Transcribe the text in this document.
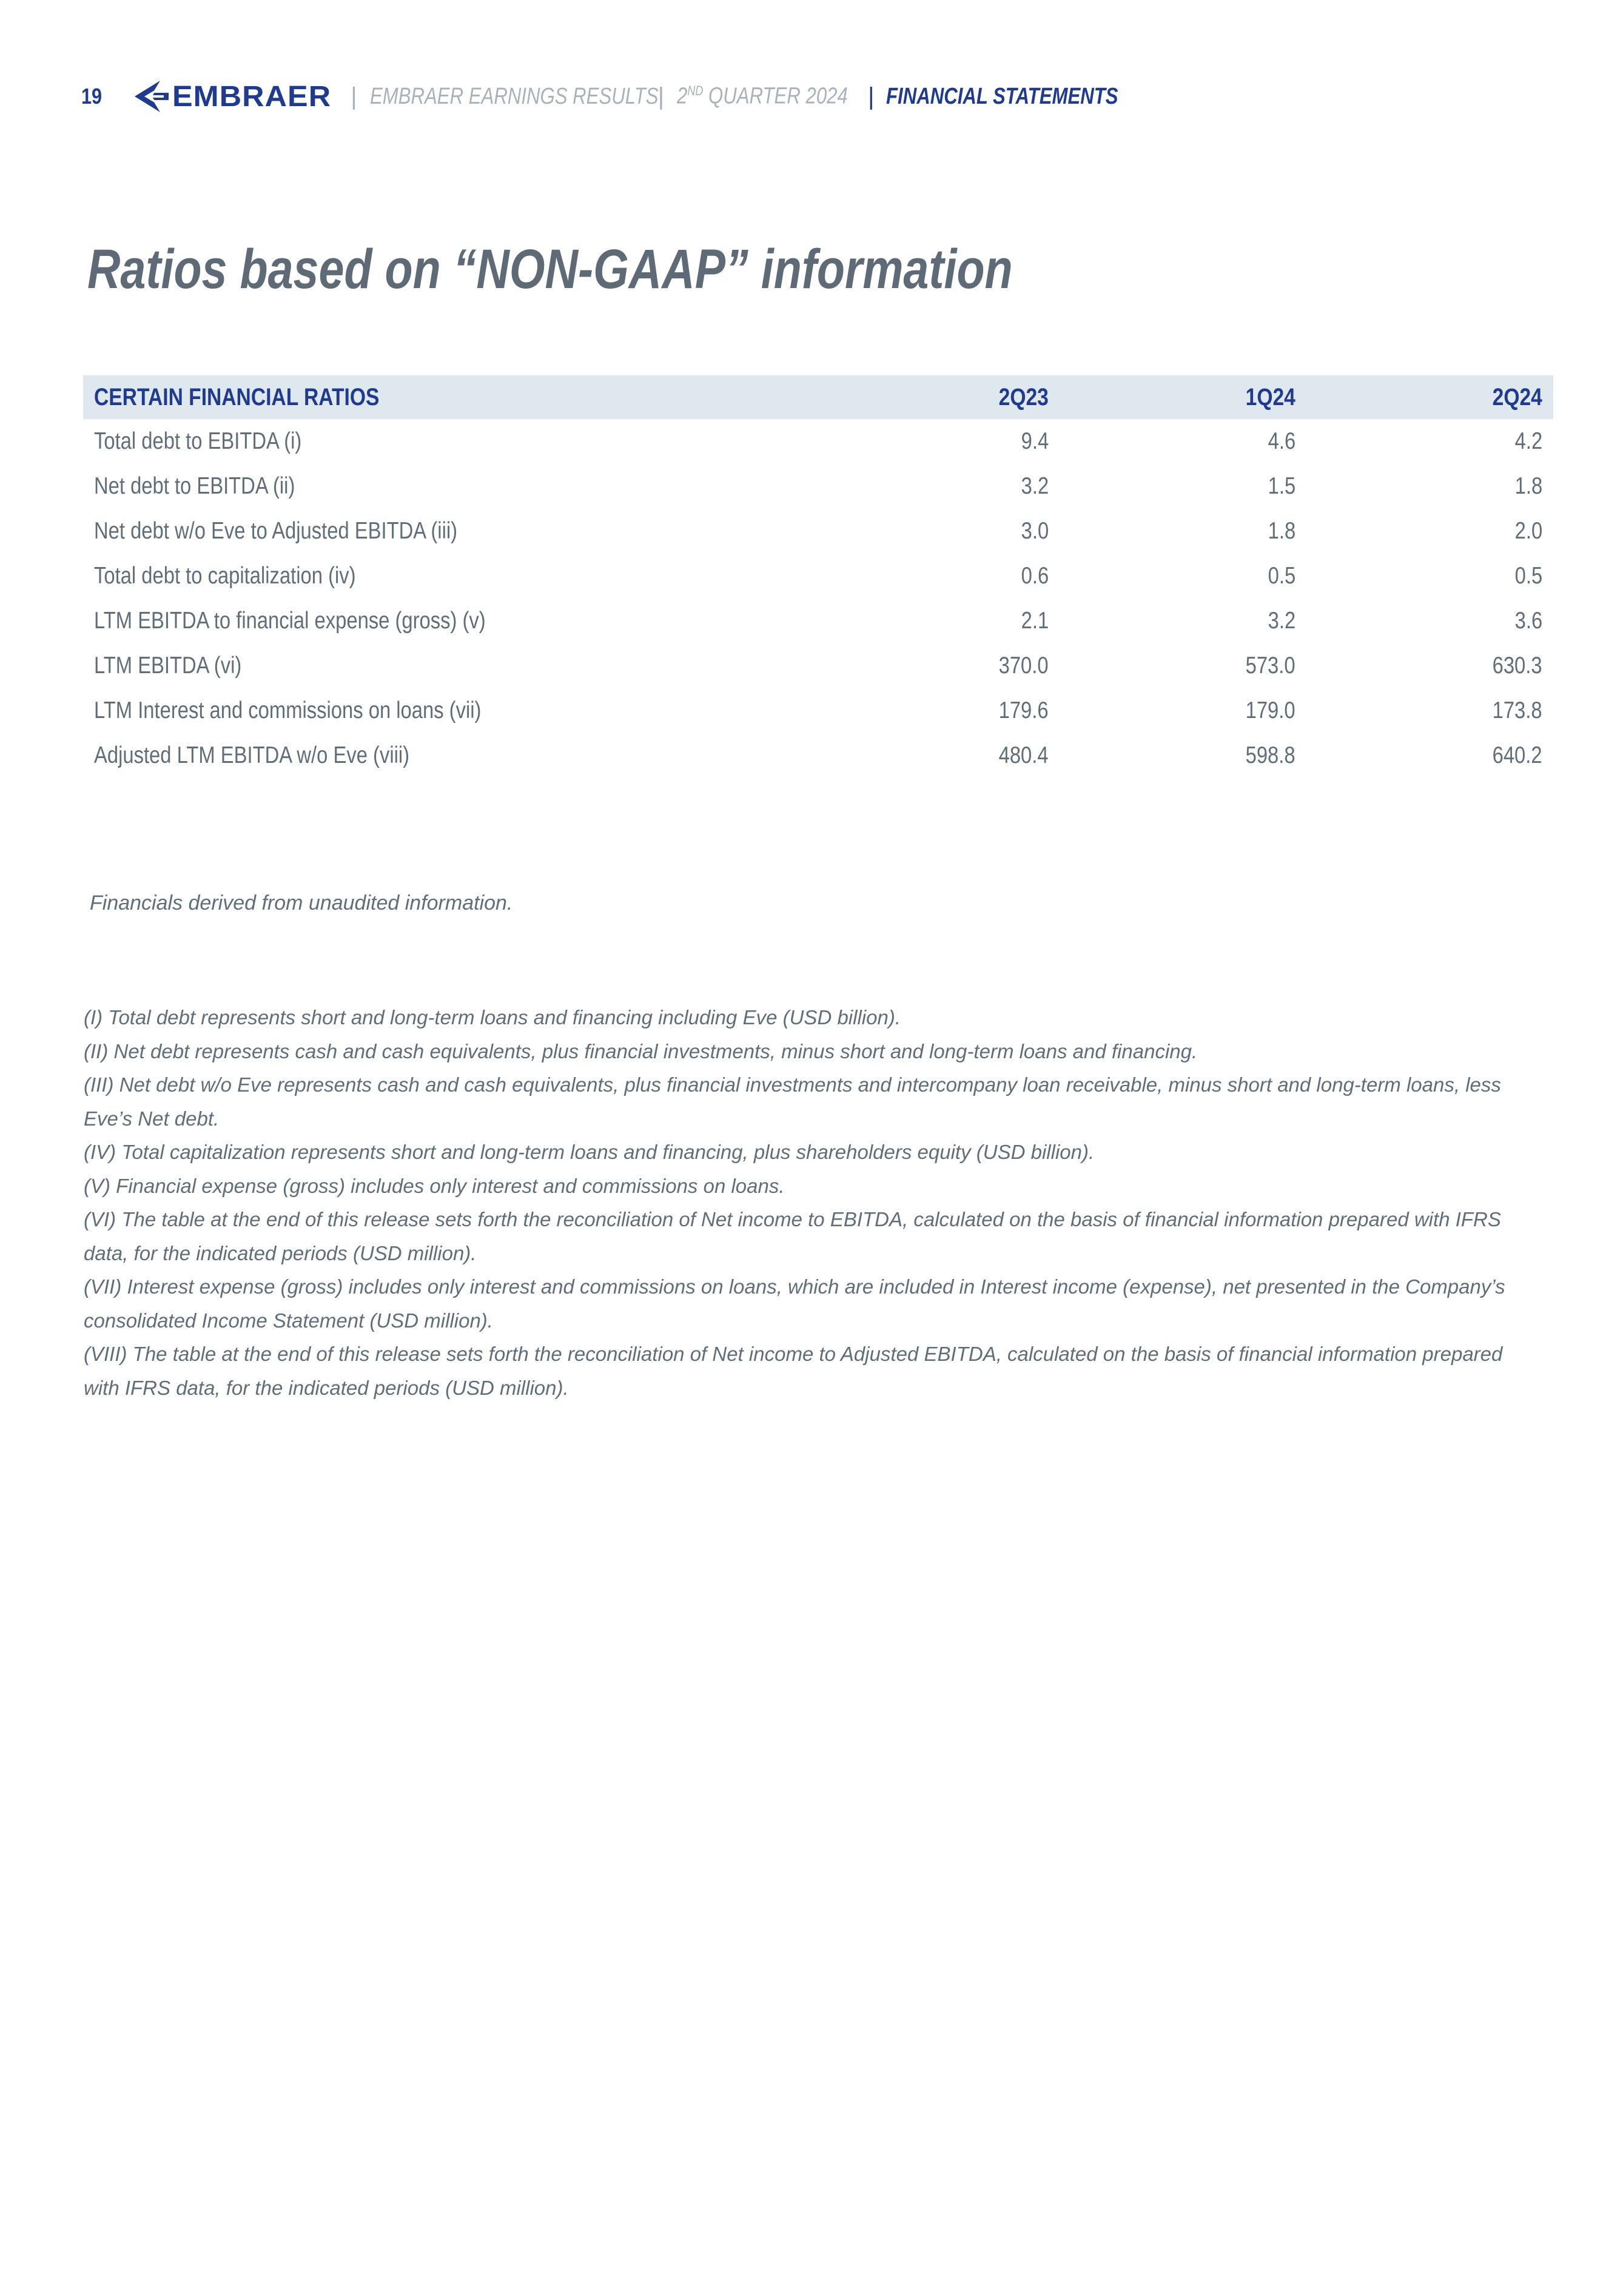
19	EMBRAER | EMBRAER EARNINGS RESULTS
| 2ND QUARTER 2024 | FINANCIAL STATEMENTS
Ratios based on “NON-GAAP” information
CERTAIN FINANCIAL RATIOS	2Q23	1Q24	2Q24
Total debt to EBITDA (i)	9.4	4.6	4.2
Net debt to EBITDA (ii)	3.2	1.5	1.8
Net debt w/o Eve to Adjusted EBITDA (iii)	3.0	1.8	2.0
Total debt to capitalization (iv)	0.6	0.5	0.5
LTM EBITDA to financial expense (gross) (v)	2.1	3.2	3.6
LTM EBITDA (vi)	370.0	573.0	630.3
LTM Interest and commissions on loans (vii)	179.6	179.0	173.8
Adjusted LTM EBITDA w/o Eve (viii)	480.4	598.8	640.2

Financials derived from unaudited information.

(I) Total debt represents short and long-term loans and financing including Eve (USD billion).
(II) Net debt represents cash and cash equivalents, plus financial investments, minus short and long-term loans and financing.
(III) Net debt w/o Eve represents cash and cash equivalents, plus financial investments and intercompany loan receivable, minus short and long-term loans, less Eve’s Net debt.
(IV) Total capitalization represents short and long-term loans and financing, plus shareholders equity (USD billion).
(V) Financial expense (gross) includes only interest and commissions on loans.
(VI) The table at the end of this release sets forth the reconciliation of Net income to EBITDA, calculated on the basis of financial information prepared with IFRS data, for the indicated periods (USD million).
(VII) Interest expense (gross) includes only interest and commissions on loans, which are included in Interest income (expense), net presented in the Company’s consolidated Income Statement (USD million).
(VIII) The table at the end of this release sets forth the reconciliation of Net income to Adjusted EBITDA, calculated on the basis of financial information prepared with IFRS data, for the indicated periods (USD million).
